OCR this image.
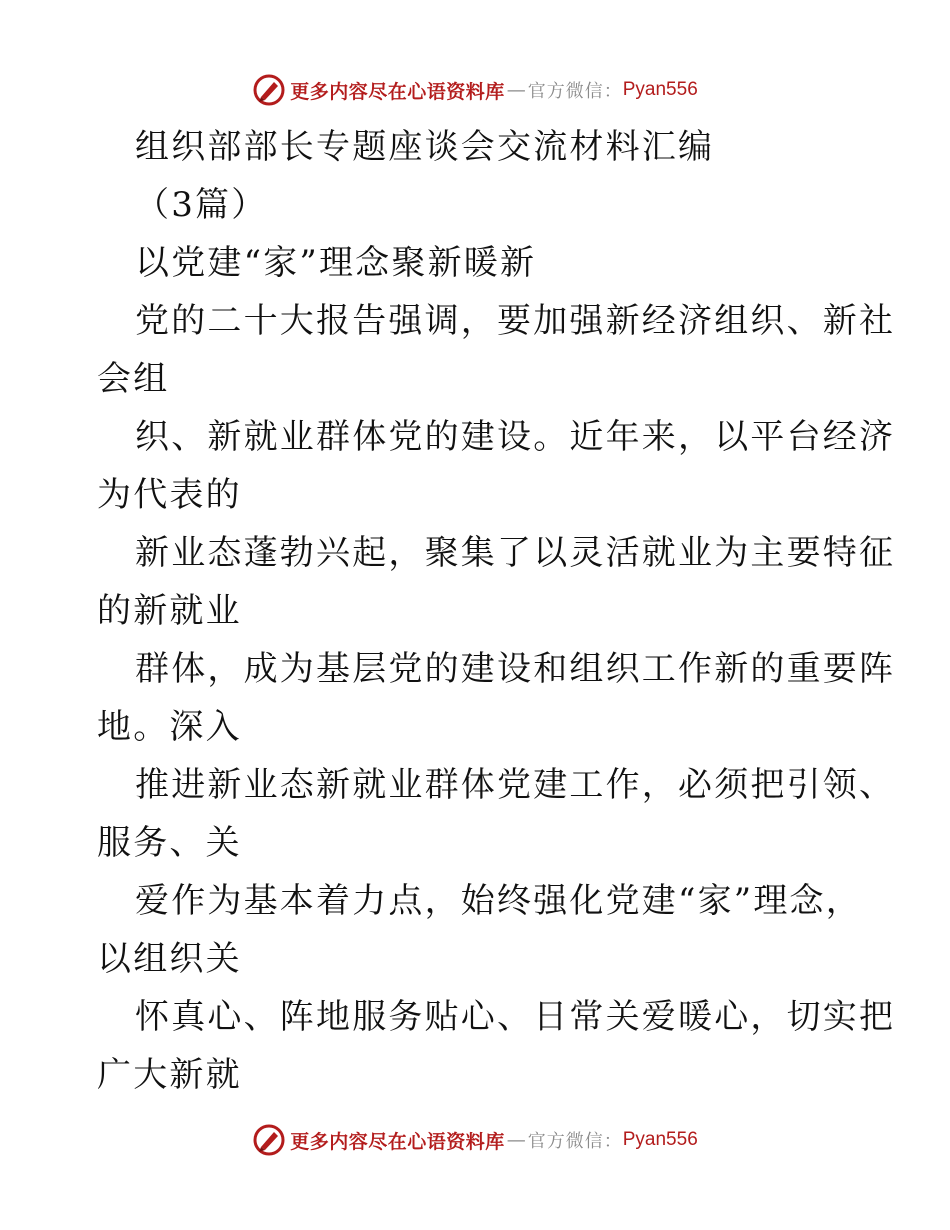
更多内容尽在心语资料库 — 官方微信： Pyan556
组织部部长专题座谈会交流材料汇编
（3篇）
以党建“家”理念聚新暖新
党的二十大报告强调，要加强新经济组织、新社
会组
织、新就业群体党的建设。近年来，以平台经济
为代表的
新业态蓬勃兴起，聚集了以灵活就业为主要特征
的新就业
群体，成为基层党的建设和组织工作新的重要阵
地。深入
推进新业态新就业群体党建工作，必须把引领、
服务、关
爱作为基本着力点，始终强化党建“家”理念，
以组织关
怀真心、阵地服务贴心、日常关爱暖心，切实把
广大新就
更多内容尽在心语资料库 — 官方微信： Pyan556
